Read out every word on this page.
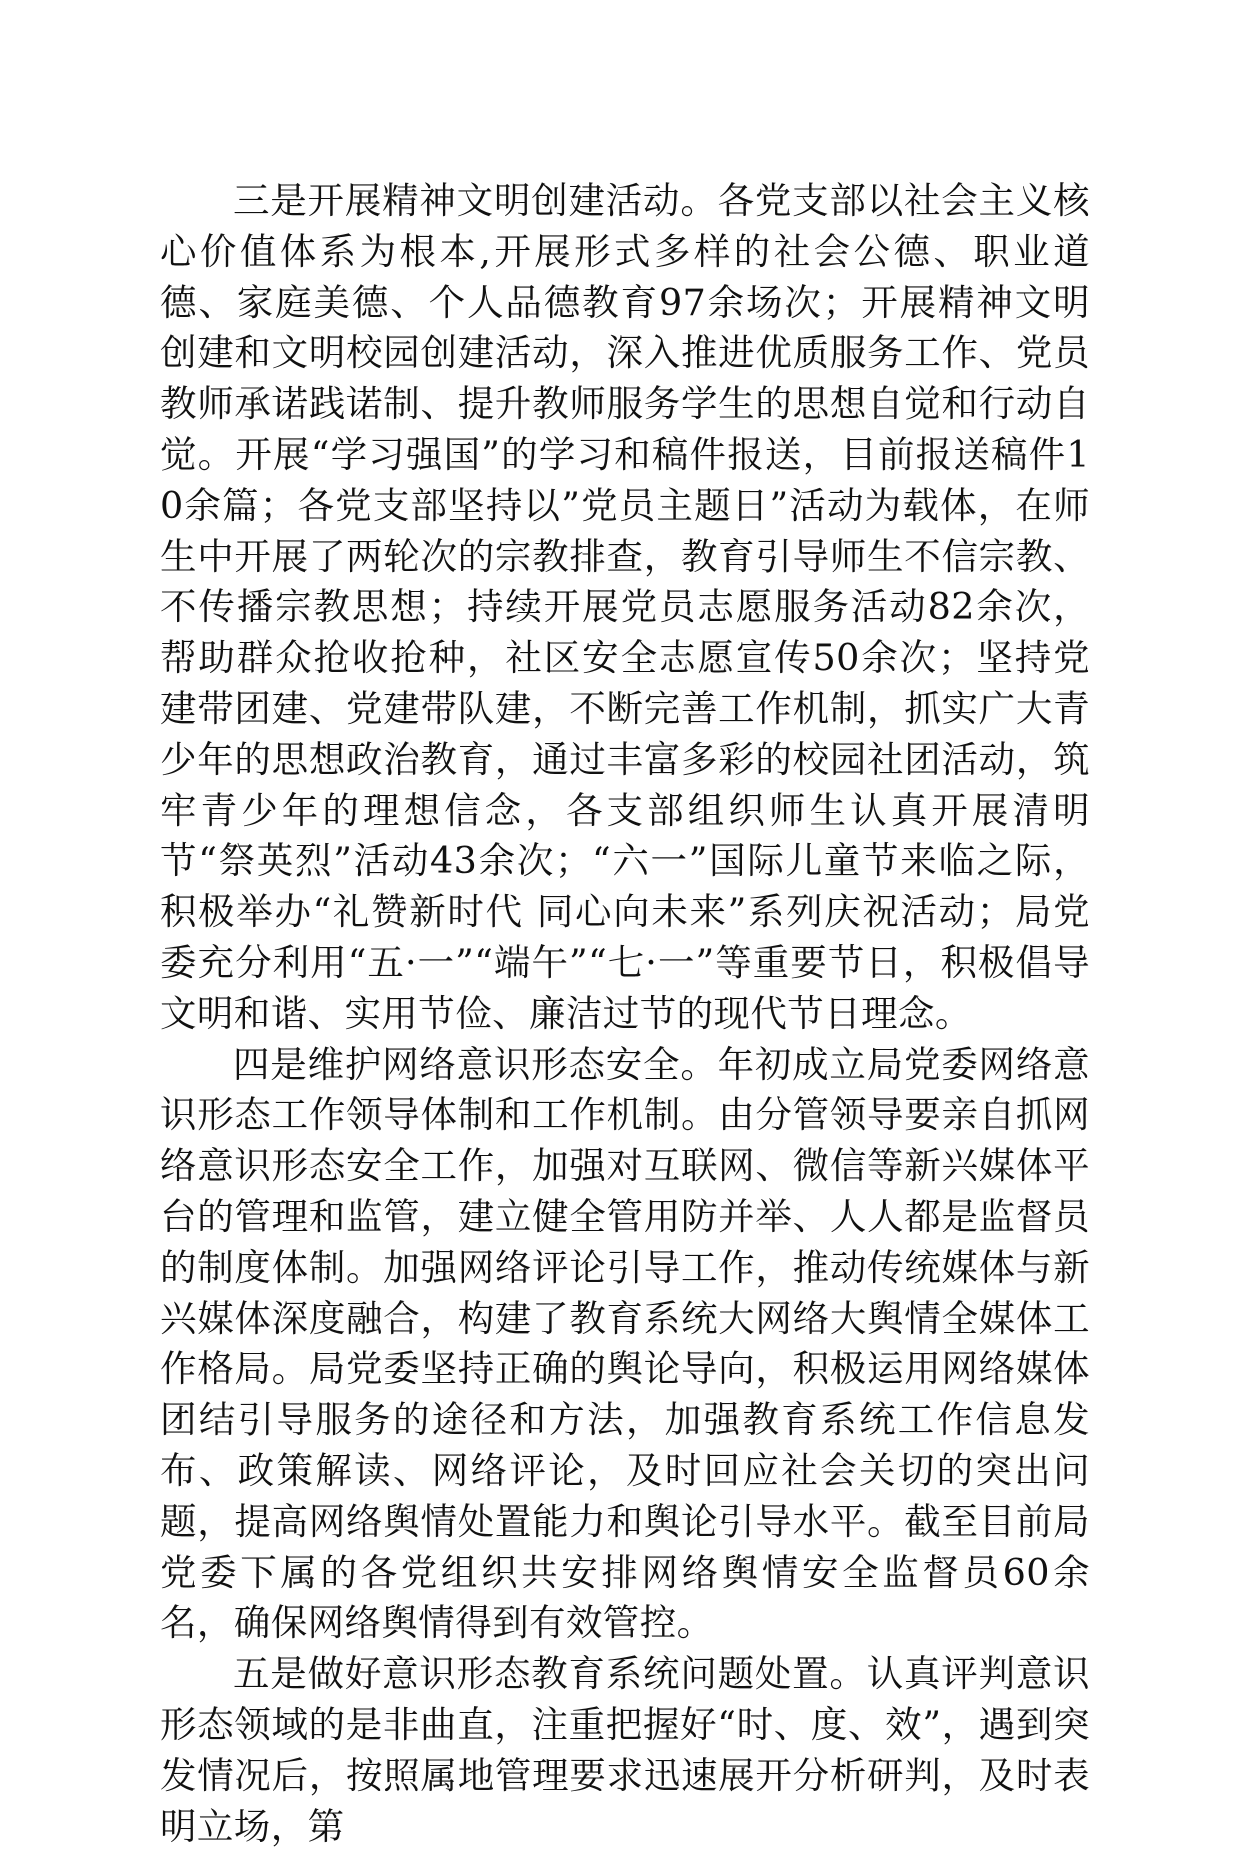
三是开展精神文明创建活动。各党支部以社会主义核心价值体系为根本,开展形式多样的社会公德、职业道德、家庭美德、个人品德教育97余场次；开展精神文明创建和文明校园创建活动，深入推进优质服务工作、党员教师承诺践诺制、提升教师服务学生的思想自觉和行动自觉。开展“学习强国”的学习和稿件报送，目前报送稿件10余篇；各党支部坚持以”党员主题日”活动为载体，在师生中开展了两轮次的宗教排查，教育引导师生不信宗教、不传播宗教思想；持续开展党员志愿服务活动82余次，帮助群众抢收抢种，社区安全志愿宣传50余次；坚持党建带团建、党建带队建，不断完善工作机制，抓实广大青少年的思想政治教育，通过丰富多彩的校园社团活动，筑牢青少年的理想信念，各支部组织师生认真开展清明节“祭英烈”活动43余次；“六一”国际儿童节来临之际，积极举办“礼赞新时代 同心向未来”系列庆祝活动；局党委充分利用“五·一”“端午”“七·一”等重要节日，积极倡导文明和谐、实用节俭、廉洁过节的现代节日理念。

四是维护网络意识形态安全。年初成立局党委网络意识形态工作领导体制和工作机制。由分管领导要亲自抓网络意识形态安全工作，加强对互联网、微信等新兴媒体平台的管理和监管，建立健全管用防并举、人人都是监督员的制度体制。加强网络评论引导工作，推动传统媒体与新兴媒体深度融合，构建了教育系统大网络大舆情全媒体工作格局。局党委坚持正确的舆论导向，积极运用网络媒体团结引导服务的途径和方法，加强教育系统工作信息发布、政策解读、网络评论，及时回应社会关切的突出问题，提高网络舆情处置能力和舆论引导水平。截至目前局党委下属的各党组织共安排网络舆情安全监督员60余名，确保网络舆情得到有效管控。

五是做好意识形态教育系统问题处置。认真评判意识形态领域的是非曲直，注重把握好“时、度、效”，遇到突发情况后，按照属地管理要求迅速展开分析研判，及时表明立场，第
